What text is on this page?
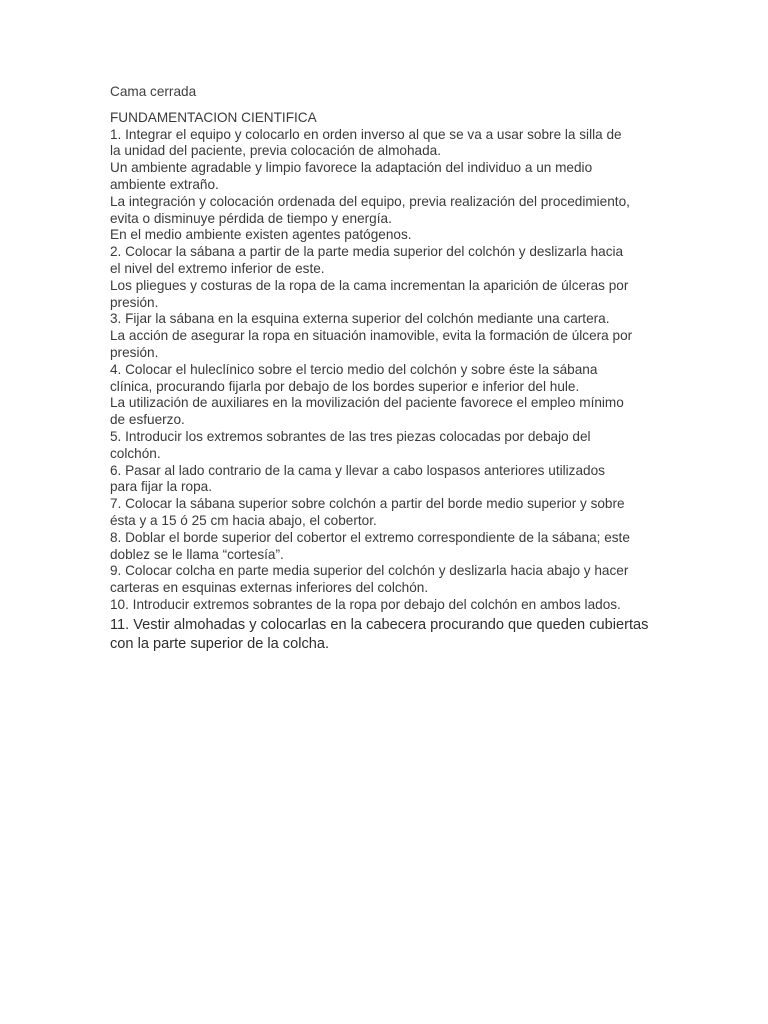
Cama cerrada
FUNDAMENTACION CIENTIFICA
1. Integrar el equipo y colocarlo en orden inverso al que se va a usar sobre la silla de
la unidad del paciente, previa colocación de almohada.
Un ambiente agradable y limpio favorece la adaptación del individuo a un medio
ambiente extraño.
La integración y colocación ordenada del equipo, previa realización del procedimiento,
evita o disminuye pérdida de tiempo y energía.
En el medio ambiente existen agentes patógenos.
2. Colocar la sábana a partir de la parte media superior del colchón y deslizarla hacia
el nivel del extremo inferior de este.
Los pliegues y costuras de la ropa de la cama incrementan la aparición de úlceras por
presión.
3. Fijar la sábana en la esquina externa superior del colchón mediante una cartera.
La acción de asegurar la ropa en situación inamovible, evita la formación de úlcera por
presión.
4. Colocar el huleclínico sobre el tercio medio del colchón y sobre éste la sábana
clínica, procurando fijarla por debajo de los bordes superior e inferior del hule.
La utilización de auxiliares en la movilización del paciente favorece el empleo mínimo
de esfuerzo.
5. Introducir los extremos sobrantes de las tres piezas colocadas por debajo del
colchón.
6. Pasar al lado contrario de la cama y llevar a cabo lospasos anteriores utilizados
para fijar la ropa.
7. Colocar la sábana superior sobre colchón a partir del borde medio superior y sobre
ésta y a 15 ó 25 cm hacia abajo, el cobertor.
8. Doblar el borde superior del cobertor el extremo correspondiente de la sábana; este
doblez se le llama “cortesía”.
9. Colocar colcha en parte media superior del colchón y deslizarla hacia abajo y hacer
carteras en esquinas externas inferiores del colchón.
10. Introducir extremos sobrantes de la ropa por debajo del colchón en ambos lados.
11. Vestir almohadas y colocarlas en la cabecera procurando que queden cubiertas
con la parte superior de la colcha.
